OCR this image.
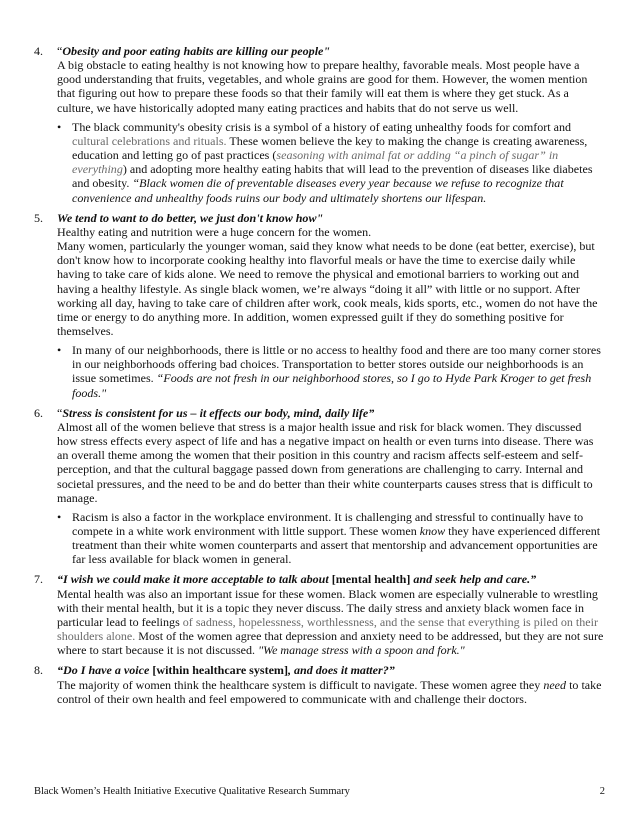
4. “Obesity and poor eating habits are killing our people"

A big obstacle to eating healthy is not knowing how to prepare healthy, favorable meals. Most people have a good understanding that fruits, vegetables, and whole grains are good for them. However, the women mention that figuring out how to prepare these foods so that their family will eat them is where they get stuck. As a culture, we have historically adopted many eating practices and habits that do not serve us well.

• The black community's obesity crisis is a symbol of a history of eating unhealthy foods for comfort and cultural celebrations and rituals. These women believe the key to making the change is creating awareness, education and letting go of past practices (seasoning with animal fat or adding “a pinch of sugar” in everything) and adopting more healthy eating habits that will lead to the prevention of diseases like diabetes and obesity. “Black women die of preventable diseases every year because we refuse to recognize that convenience and unhealthy foods ruins our body and ultimately shortens our lifespan.

5. We tend to want to do better, we just don't know how"

Healthy eating and nutrition were a huge concern for the women.

Many women, particularly the younger woman, said they know what needs to be done (eat better, exercise), but don't know how to incorporate cooking healthy into flavorful meals or have the time to exercise daily while having to take care of kids alone. We need to remove the physical and emotional barriers to working out and having a healthy lifestyle. As single black women, we’re always “doing it all” with little or no support. After working all day, having to take care of children after work, cook meals, kids sports, etc., women do not have the time or energy to do anything more. In addition, women expressed guilt if they do something positive for themselves.

• In many of our neighborhoods, there is little or no access to healthy food and there are too many corner stores in our neighborhoods offering bad choices. Transportation to better stores outside our neighborhoods is an issue sometimes. “Foods are not fresh in our neighborhood stores, so I go to Hyde Park Kroger to get fresh foods."

6. “Stress is consistent for us – it effects our body, mind, daily life”

Almost all of the women believe that stress is a major health issue and risk for black women. They discussed how stress effects every aspect of life and has a negative impact on health or even turns into disease. There was an overall theme among the women that their position in this country and racism affects self-esteem and self-perception, and that the cultural baggage passed down from generations are challenging to carry. Internal and societal pressures, and the need to be and do better than their white counterparts causes stress that is difficult to manage.

• Racism is also a factor in the workplace environment. It is challenging and stressful to continually have to compete in a white work environment with little support. These women know they have experienced different treatment than their white women counterparts and assert that mentorship and advancement opportunities are far less available for black women in general.

7. “I wish we could make it more acceptable to talk about [mental health] and seek help and care.”

Mental health was also an important issue for these women. Black women are especially vulnerable to wrestling with their mental health, but it is a topic they never discuss. The daily stress and anxiety black women face in particular lead to feelings of sadness, hopelessness, worthlessness, and the sense that everything is piled on their shoulders alone. Most of the women agree that depression and anxiety need to be addressed, but they are not sure where to start because it is not discussed. "We manage stress with a spoon and fork."

8. “Do I have a voice [within healthcare system], and does it matter?”

The majority of women think the healthcare system is difficult to navigate. These women agree they need to take control of their own health and feel empowered to communicate with and challenge their doctors.

Black Women’s Health Initiative Executive Qualitative Research Summary	2
